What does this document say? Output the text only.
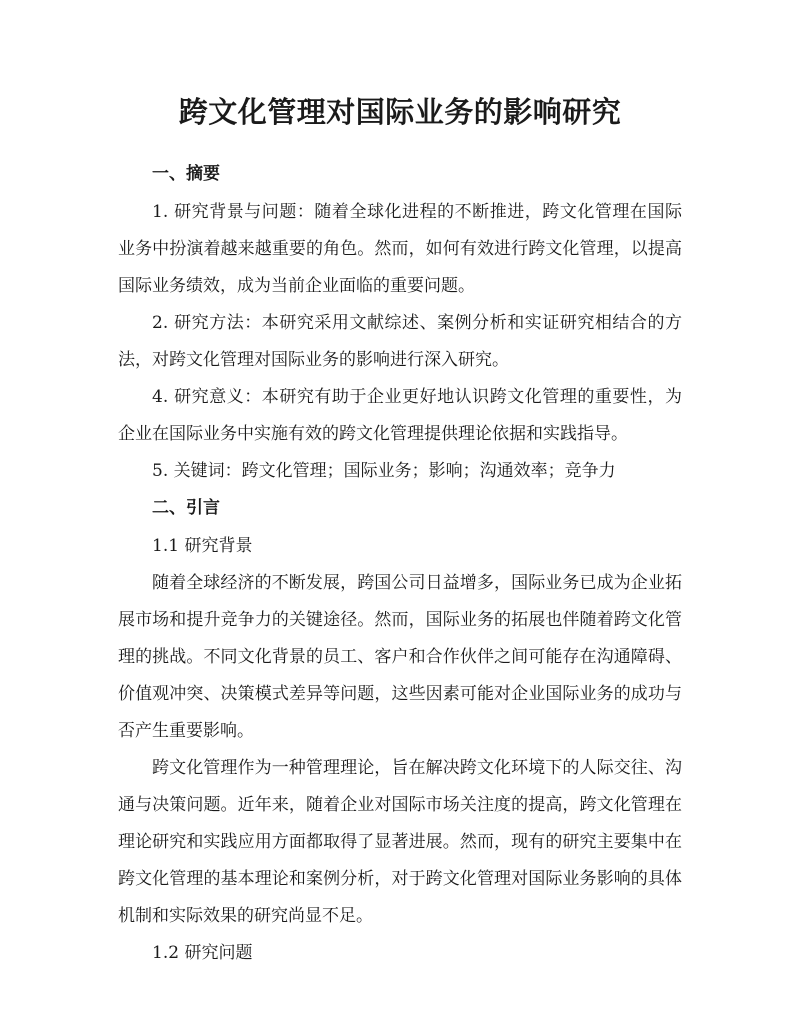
跨文化管理对国际业务的影响研究
一、摘要

1. 研究背景与问题：随着全球化进程的不断推进，跨文化管理在国际业务中扮演着越来越重要的角色。然而，如何有效进行跨文化管理，以提高国际业务绩效，成为当前企业面临的重要问题。

2. 研究方法：本研究采用文献综述、案例分析和实证研究相结合的方法，对跨文化管理对国际业务的影响进行深入研究。

4. 研究意义：本研究有助于企业更好地认识跨文化管理的重要性，为企业在国际业务中实施有效的跨文化管理提供理论依据和实践指导。

5. 关键词：跨文化管理；国际业务；影响；沟通效率；竞争力

二、引言
1.1 研究背景

随着全球经济的不断发展，跨国公司日益增多，国际业务已成为企业拓展市场和提升竞争力的关键途径。然而，国际业务的拓展也伴随着跨文化管理的挑战。不同文化背景的员工、客户和合作伙伴之间可能存在沟通障碍、价值观冲突、决策模式差异等问题，这些因素可能对企业国际业务的成功与否产生重要影响。

跨文化管理作为一种管理理论，旨在解决跨文化环境下的人际交往、沟通与决策问题。近年来，随着企业对国际市场关注度的提高，跨文化管理在理论研究和实践应用方面都取得了显著进展。然而，现有的研究主要集中在跨文化管理的基本理论和案例分析，对于跨文化管理对国际业务影响的具体机制和实际效果的研究尚显不足。

1.2 研究问题
